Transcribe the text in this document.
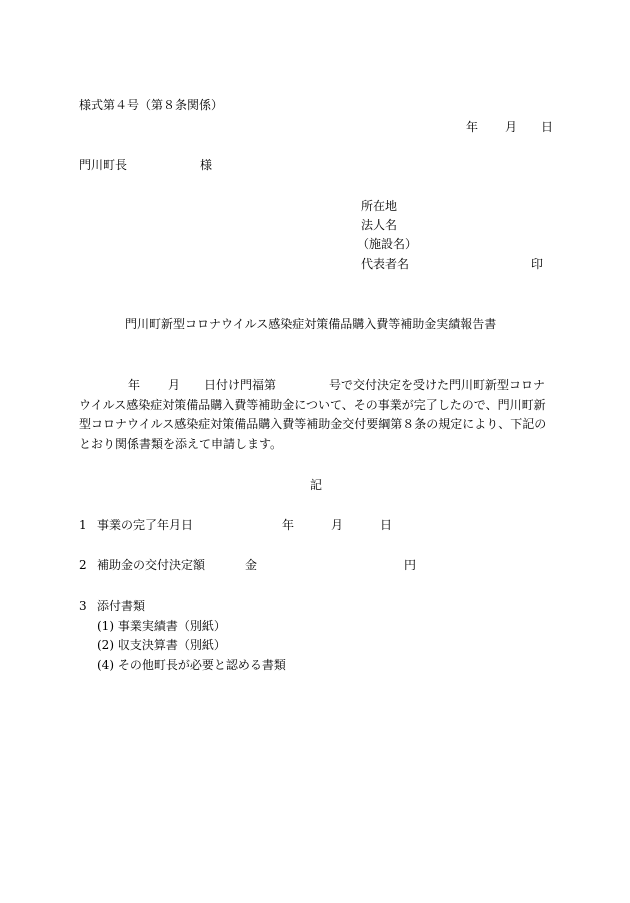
様式第４号（第８条関係）
年 月 日
門川町長	様
所在地
法人名
（施設名）
代表者名	印
門川町新型コロナウイルス感染症対策備品購入費等補助金実績報告書
年 月 日付け門福第	号で交付決定を受けた門川町新型コロナ
ウイルス感染症対策備品購入費等補助金について、その事業が完了したので、門川町新
型コロナウイルス感染症対策備品購入費等補助金交付要綱第８条の規定により、下記の
とおり関係書類を添えて申請します。
記
1 事業の完了年月日	年	月	日
2 補助金の交付決定額	金	円
3 添付書類
(1) 事業実績書（別紙）
(2) 収支決算書（別紙）
(4) その他町長が必要と認める書類
